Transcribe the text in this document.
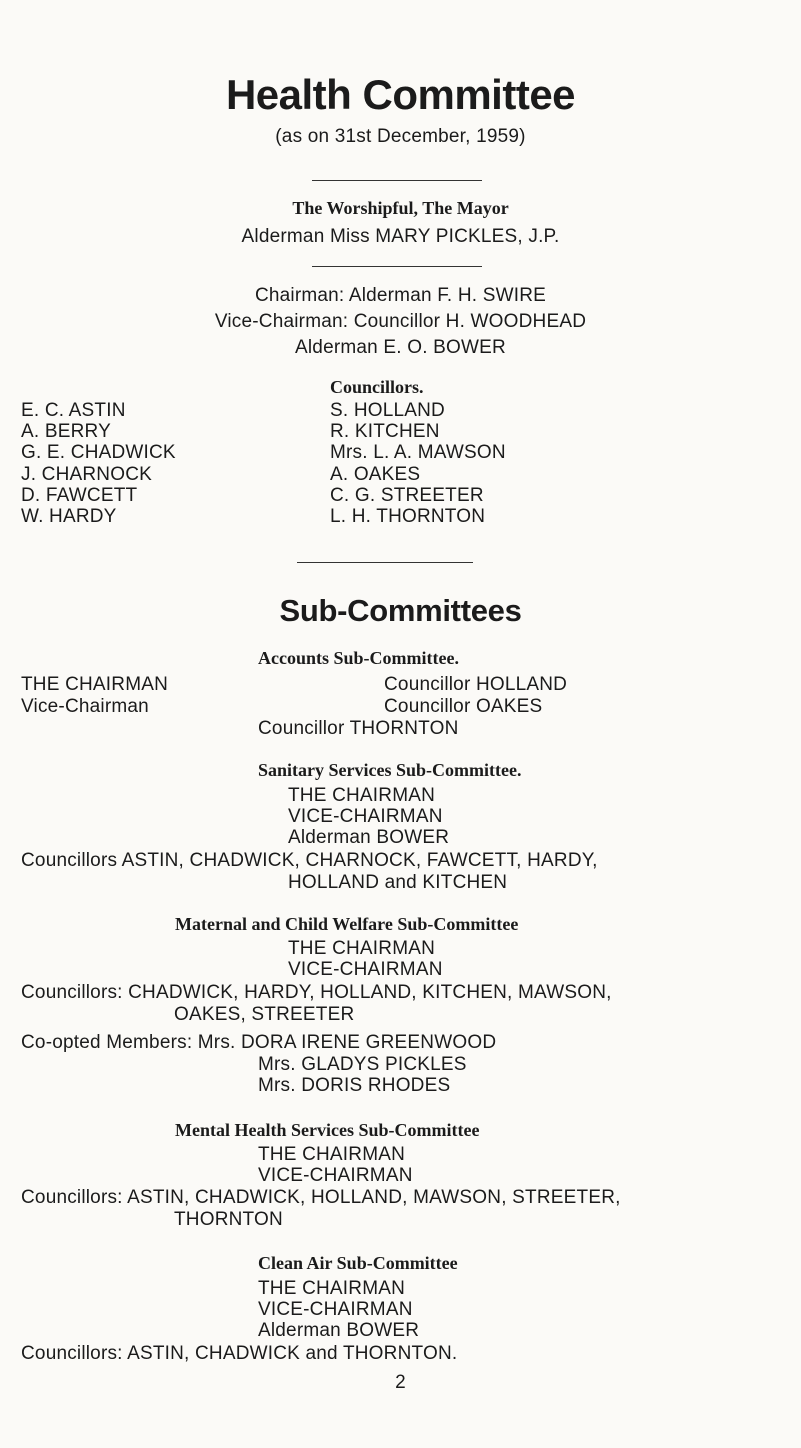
Health Committee
(as on 31st December, 1959)
The Worshipful, The Mayor
Alderman Miss MARY PICKLES, J.P.
Chairman: Alderman F. H. SWIRE
Vice-Chairman: Councillor H. WOODHEAD
Alderman E. O. BOWER
Councillors.
E. C. ASTIN
A. BERRY
G. E. CHADWICK
J. CHARNOCK
D. FAWCETT
W. HARDY
S. HOLLAND
R. KITCHEN
Mrs. L. A. MAWSON
A. OAKES
C. G. STREETER
L. H. THORNTON
Sub-Committees
Accounts Sub-Committee.
THE CHAIRMAN
Vice-Chairman
Councillor HOLLAND
Councillor OAKES
Councillor THORNTON
Sanitary Services Sub-Committee.
THE CHAIRMAN
VICE-CHAIRMAN
Alderman BOWER
Councillors ASTIN, CHADWICK, CHARNOCK, FAWCETT, HARDY,
HOLLAND and KITCHEN
Maternal and Child Welfare Sub-Committee
THE CHAIRMAN
VICE-CHAIRMAN
Councillors: CHADWICK, HARDY, HOLLAND, KITCHEN, MAWSON,
OAKES, STREETER
Co-opted Members: Mrs. DORA IRENE GREENWOOD
Mrs. GLADYS PICKLES
Mrs. DORIS RHODES
Mental Health Services Sub-Committee
THE CHAIRMAN
VICE-CHAIRMAN
Councillors: ASTIN, CHADWICK, HOLLAND, MAWSON, STREETER,
THORNTON
Clean Air Sub-Committee
THE CHAIRMAN
VICE-CHAIRMAN
Alderman BOWER
Councillors: ASTIN, CHADWICK and THORNTON.
2
